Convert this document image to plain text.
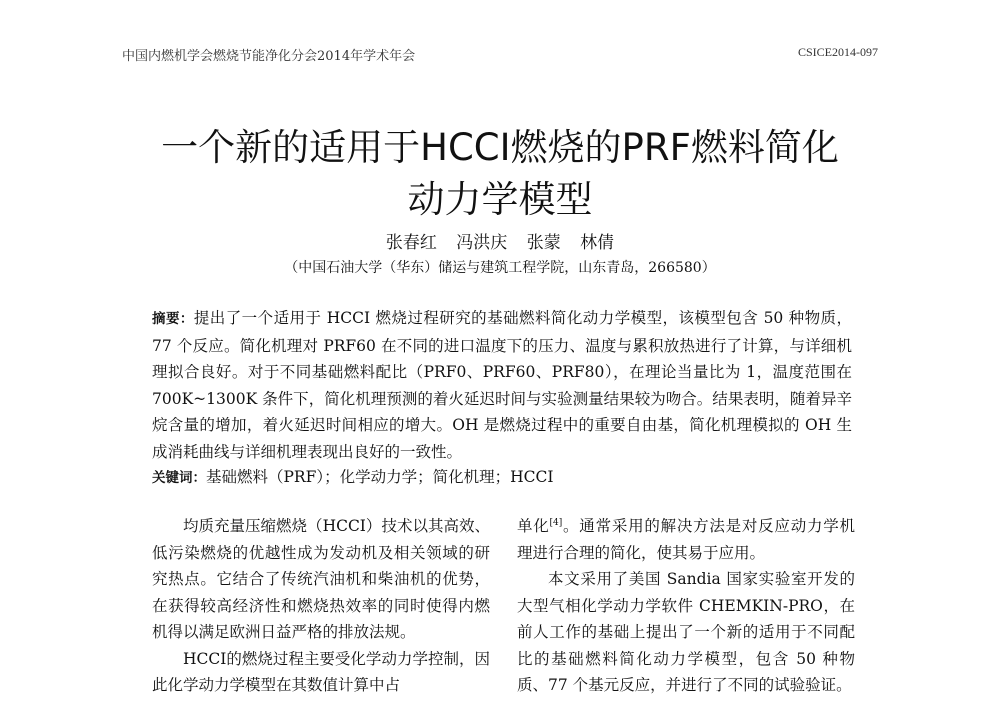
中国内燃机学会燃烧节能净化分会2014年学术年会	CSICE2014-097
一个新的适用于HCCI燃烧的PRF燃料简化
动力学模型
张春红 冯洪庆 张蒙 林倩
（中国石油大学（华东）储运与建筑工程学院，山东青岛，266580）
摘要：提出了一个适用于 HCCI 燃烧过程研究的基础燃料简化动力学模型，该模型包含 50 种物质，77 个反应。简化机理对 PRF60 在不同的进口温度下的压力、温度与累积放热进行了计算，与详细机理拟合良好。对于不同基础燃料配比（PRF0、PRF60、PRF80），在理论当量比为 1，温度范围在 700K~1300K 条件下，简化机理预测的着火延迟时间与实验测量结果较为吻合。结果表明，随着异辛烷含量的增加，着火延迟时间相应的增大。OH 是燃烧过程中的重要自由基，简化机理模拟的 OH 生成消耗曲线与详细机理表现出良好的一致性。
关键词：基础燃料（PRF）；化学动力学；简化机理；HCCI

均质充量压缩燃烧（HCCI）技术以其高效、低污染燃烧的优越性成为发动机及相关领域的研究热点。它结合了传统汽油机和柴油机的优势，在获得较高经济性和燃烧热效率的同时使得内燃机得以满足欧洲日益严格的排放法规。

HCCI的燃烧过程主要受化学动力学控制，因此化学动力学模型在其数值计算中占

单化[4]。通常采用的解决方法是对反应动力学机理进行合理的简化，使其易于应用。

本文采用了美国 Sandia 国家实验室开发的大型气相化学动力学软件 CHEMKIN-PRO，在前人工作的基础上提出了一个新的适用于不同配比的基础燃料简化动力学模型，包含 50 种物质、77 个基元反应，并进行了不同的试验验证。
